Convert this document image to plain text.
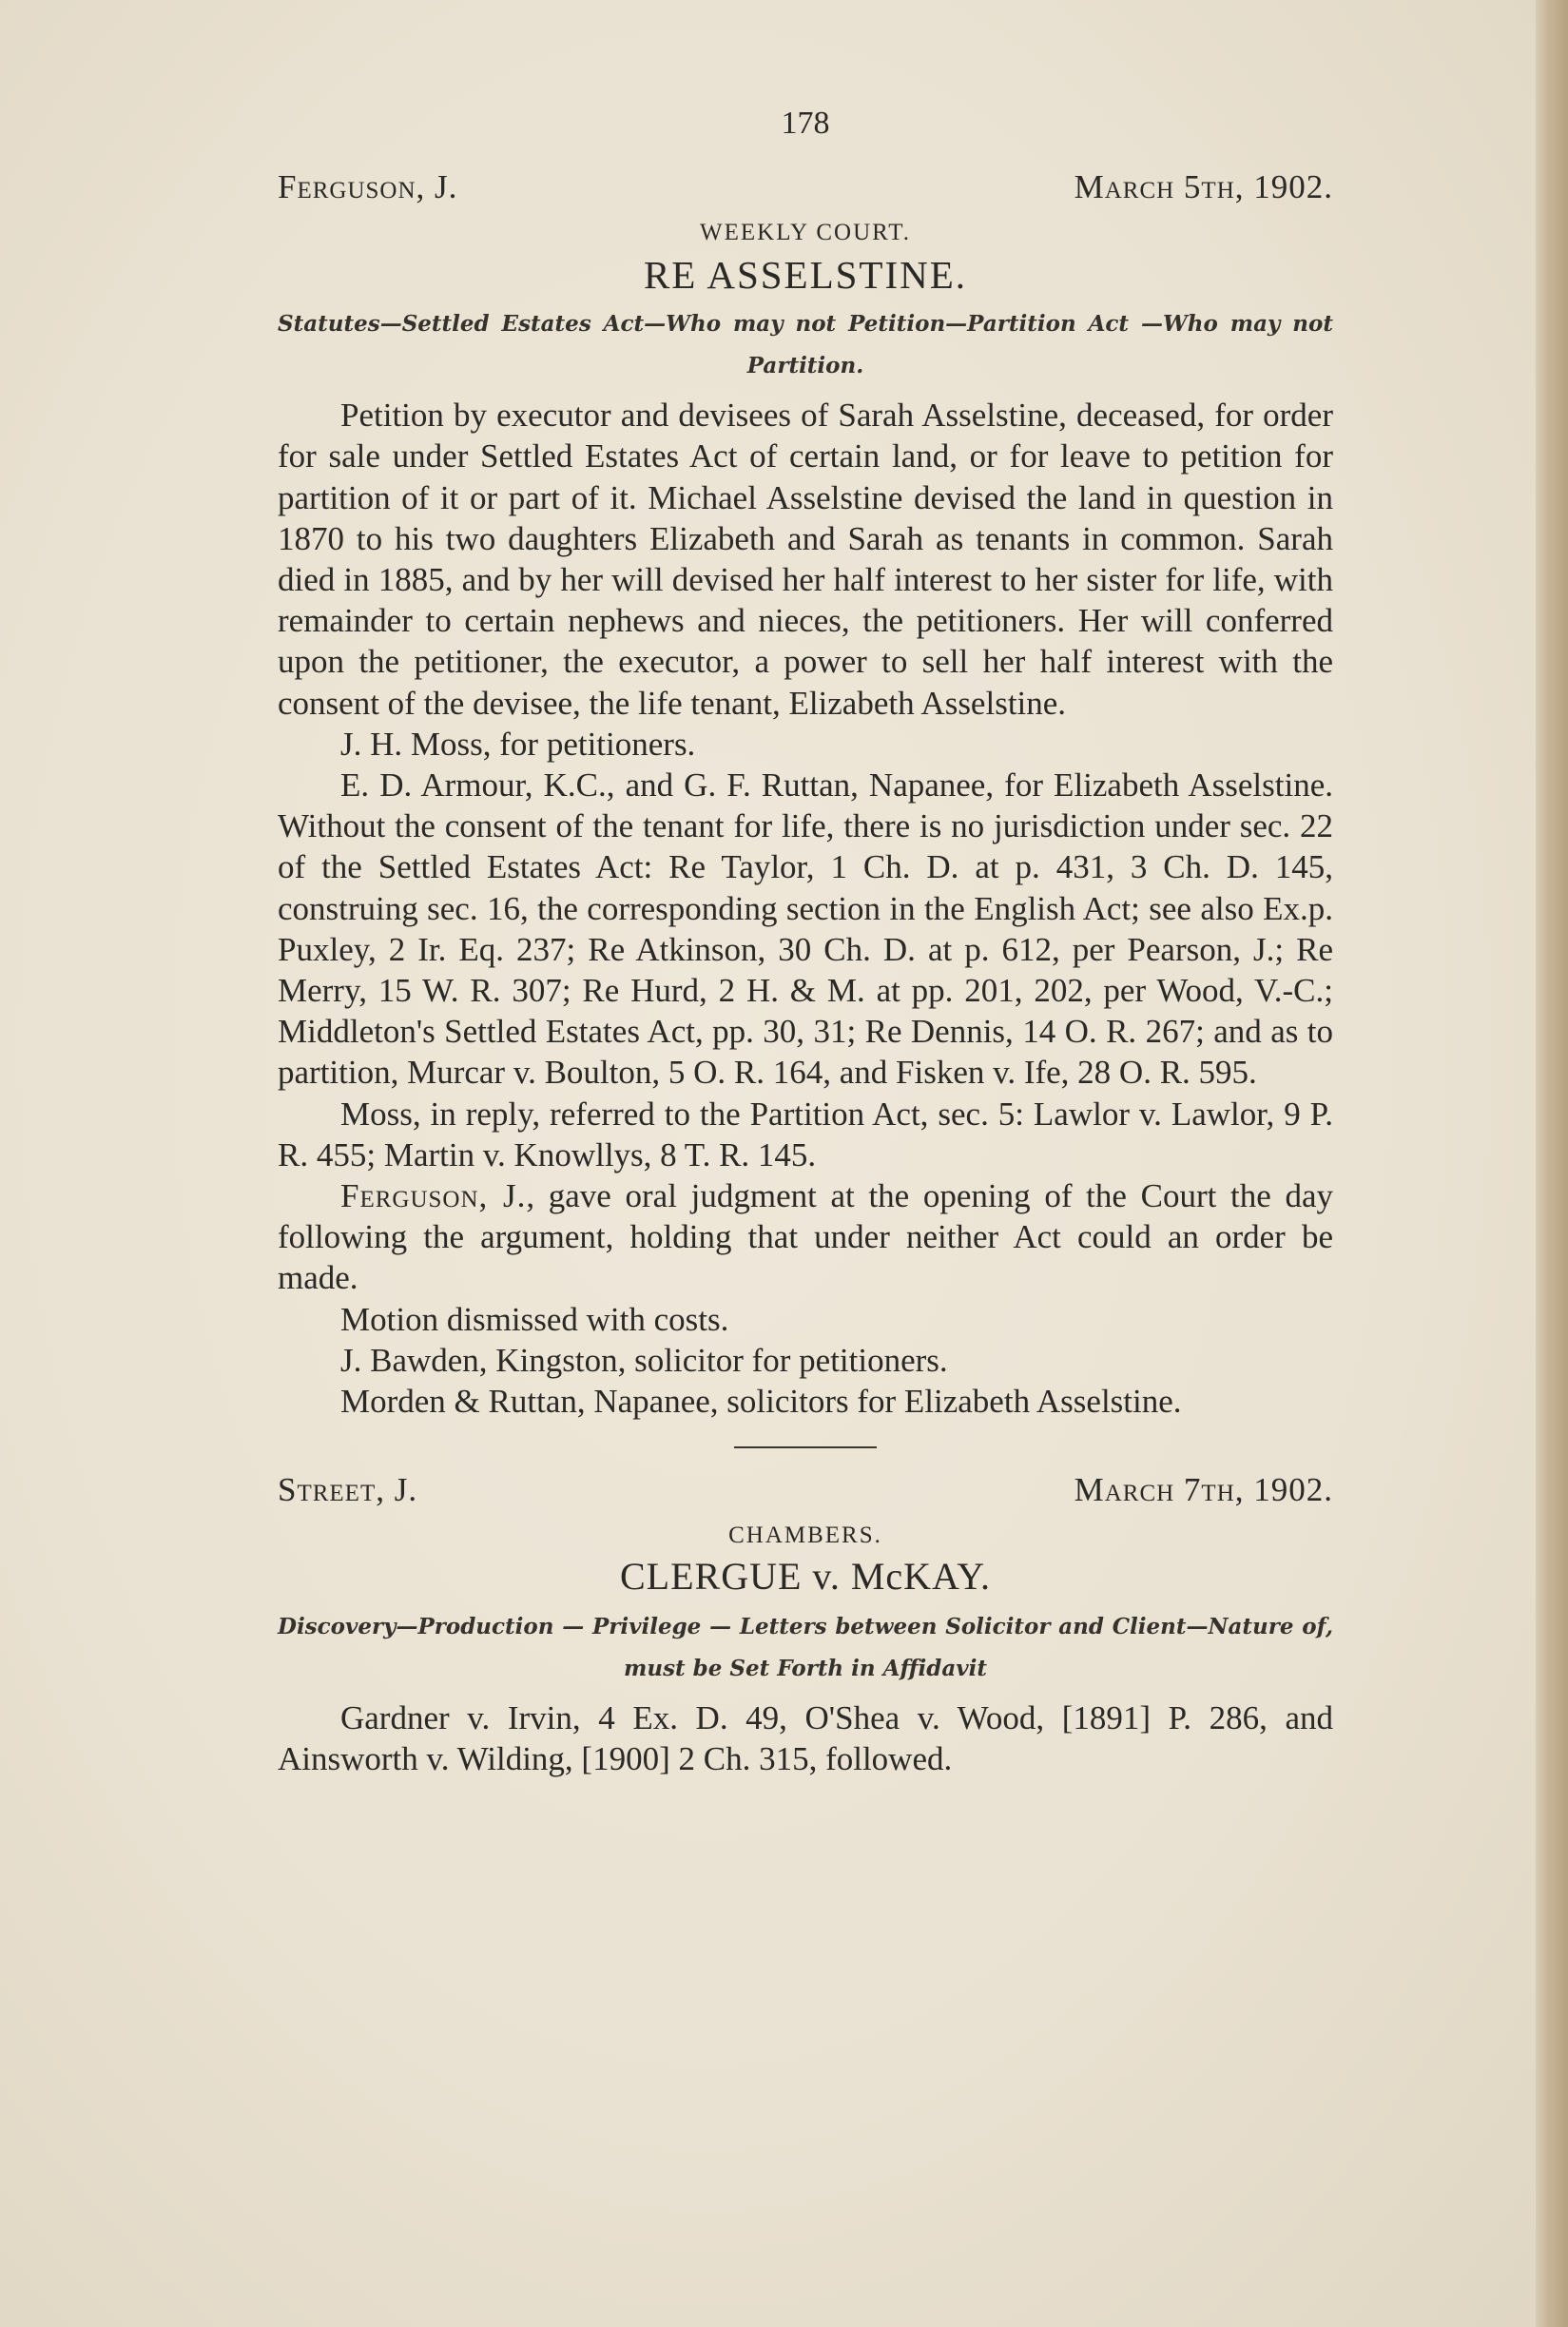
178
Ferguson, J.	March 5th, 1902.
WEEKLY COURT.
RE ASSELSTINE.
Statutes—Settled Estates Act—Who may not Petition—Partition Act —Who may not Partition.

Petition by executor and devisees of Sarah Asselstine, deceased, for order for sale under Settled Estates Act of certain land, or for leave to petition for partition of it or part of it. Michael Asselstine devised the land in question in 1870 to his two daughters Elizabeth and Sarah as tenants in common. Sarah died in 1885, and by her will devised her half interest to her sister for life, with remainder to certain nephews and nieces, the petitioners. Her will conferred upon the petitioner, the executor, a power to sell her half interest with the consent of the devisee, the life tenant, Elizabeth Asselstine.

J. H. Moss, for petitioners.

E. D. Armour, K.C., and G. F. Ruttan, Napanee, for Elizabeth Asselstine. Without the consent of the tenant for life, there is no jurisdiction under sec. 22 of the Settled Estates Act: Re Taylor, 1 Ch. D. at p. 431, 3 Ch. D. 145, construing sec. 16, the corresponding section in the English Act; see also Ex.p. Puxley, 2 Ir. Eq. 237; Re Atkinson, 30 Ch. D. at p. 612, per Pearson, J.; Re Merry, 15 W. R. 307; Re Hurd, 2 H. & M. at pp. 201, 202, per Wood, V.-C.; Middleton's Settled Estates Act, pp. 30, 31; Re Dennis, 14 O. R. 267; and as to partition, Murcar v. Boulton, 5 O. R. 164, and Fisken v. Ife, 28 O. R. 595.

Moss, in reply, referred to the Partition Act, sec. 5: Lawlor v. Lawlor, 9 P. R. 455; Martin v. Knowllys, 8 T. R. 145.

Ferguson, J., gave oral judgment at the opening of the Court the day following the argument, holding that under neither Act could an order be made.

Motion dismissed with costs.

J. Bawden, Kingston, solicitor for petitioners.

Morden & Ruttan, Napanee, solicitors for Elizabeth Asselstine.

Street, J.	March 7th, 1902.
CHAMBERS.
CLERGUE v. McKAY.
Discovery—Production — Privilege — Letters between Solicitor and Client—Nature of, must be Set Forth in Affidavit

Gardner v. Irvin, 4 Ex. D. 49, O'Shea v. Wood, [1891] P. 286, and Ainsworth v. Wilding, [1900] 2 Ch. 315, followed.
